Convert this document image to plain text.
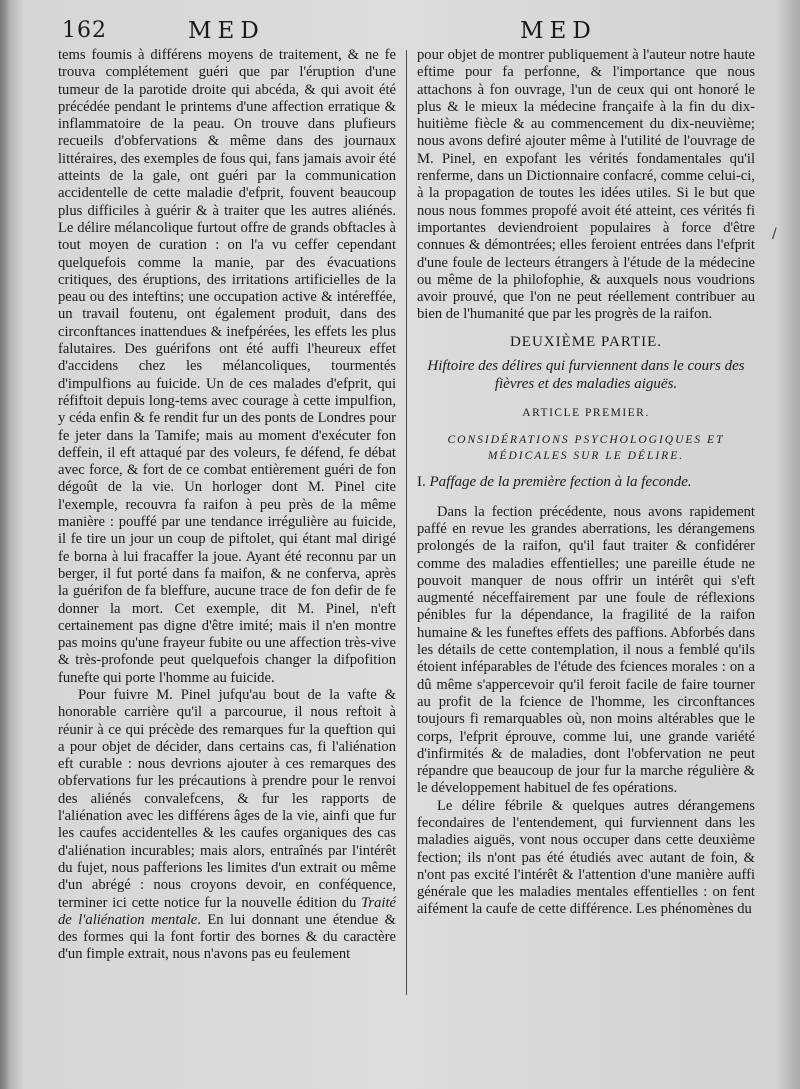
162	MED	MED
/

tems foumis à différens moyens de traitement, & ne fe trouva complétement guéri que par l'éruption d'une tumeur de la parotide droite qui abcéda, & qui avoit été précédée pendant le printems d'une affection erratique & inflammatoire de la peau. On trouve dans plufieurs recueils d'obfervations & même dans des journaux littéraires, des exemples de fous qui, fans jamais avoir été atteints de la gale, ont guéri par la communication accidentelle de cette maladie d'efprit, fouvent beaucoup plus difficiles à guérir & à traiter que les autres aliénés. Le délire mélancolique furtout offre de grands obftacles à tout moyen de curation : on l'a vu ceffer cependant quelquefois comme la manie, par des évacuations critiques, des éruptions, des irritations artificielles de la peau ou des inteftins; une occupation active & intéreffée, un travail foutenu, ont également produit, dans des circonftances inattendues & inefpérées, les effets les plus falutaires. Des guérifons ont été auffi l'heureux effet d'accidens chez les mélancoliques, tourmentés d'impulfions au fuicide. Un de ces malades d'efprit, qui réfiftoit depuis long-tems avec courage à cette impulfion, y céda enfin & fe rendit fur un des ponts de Londres pour fe jeter dans la Tamife; mais au moment d'exécuter fon deffein, il eft attaqué par des voleurs, fe défend, fe débat avec force, & fort de ce combat entièrement guéri de fon dégoût de la vie. Un horloger dont M. Pinel cite l'exemple, recouvra fa raifon à peu près de la même manière : pouffé par une tendance irrégulière au fuicide, il fe tire un jour un coup de piftolet, qui étant mal dirigé fe borna à lui fracaffer la joue. Ayant été reconnu par un berger, il fut porté dans fa maifon, & ne conferva, après la guérifon de fa bleffure, aucune trace de fon defir de fe donner la mort. Cet exemple, dit M. Pinel, n'eft certainement pas digne d'être imité; mais il n'en montre pas moins qu'une frayeur fubite ou une affection très-vive & très-profonde peut quelquefois changer la difpofition funefte qui porte l'homme au fuicide.

Pour fuivre M. Pinel jufqu'au bout de la vafte & honorable carrière qu'il a parcourue, il nous reftoit à réunir à ce qui précède des remarques fur la queftion qui a pour objet de décider, dans certains cas, fi l'aliénation eft curable : nous devrions ajouter à ces remarques des obfervations fur les précautions à prendre pour le renvoi des aliénés convalefcens, & fur les rapports de l'aliénation avec les différens âges de la vie, ainfi que fur les caufes accidentelles & les caufes organiques des cas d'aliénation incurables; mais alors, entraînés par l'intérêt du fujet, nous pafferions les limites d'un extrait ou même d'un abrégé : nous croyons devoir, en conféquence, terminer ici cette notice fur la nouvelle édition du Traité de l'aliénation mentale. En lui donnant une étendue & des formes qui la font fortir des bornes & du caractère d'un fimple extrait, nous n'avons pas eu feulement

pour objet de montrer publiquement à l'auteur notre haute eftime pour fa perfonne, & l'importance que nous attachons à fon ouvrage, l'un de ceux qui ont honoré le plus & le mieux la médecine françaife à la fin du dix-huitième fiècle & au commencement du dix-neuvième; nous avons defiré ajouter même à l'utilité de l'ouvrage de M. Pinel, en expofant les vérités fondamentales qu'il renferme, dans un Dictionnaire confacré, comme celui-ci, à la propagation de toutes les idées utiles. Si le but que nous nous fommes propofé avoit été atteint, ces vérités fi importantes deviendroient populaires à force d'être connues & démontrées; elles feroient entrées dans l'efprit d'une foule de lecteurs étrangers à l'étude de la médecine ou même de la philofophie, & auxquels nous voudrions avoir prouvé, que l'on ne peut réellement contribuer au bien de l'humanité que par les progrès de la raifon.

DEUXIÈME PARTIE.
Hiftoire des délires qui furviennent dans le cours des fièvres et des maladies aiguës.
ARTICLE PREMIER.
CONSIDÉRATIONS PSYCHOLOGIQUES ET MÉDICALES SUR LE DÉLIRE.
I. Paffage de la première fection à la feconde.

Dans la fection précédente, nous avons rapidement paffé en revue les grandes aberrations, les dérangemens prolongés de la raifon, qu'il faut traiter & confidérer comme des maladies effentielles; une pareille étude ne pouvoit manquer de nous offrir un intérêt qui s'eft augmenté néceffairement par une foule de réflexions pénibles fur la dépendance, la fragilité de la raifon humaine & les funeftes effets des paffions. Abforbés dans les détails de cette contemplation, il nous a femblé qu'ils étoient inféparables de l'étude des fciences morales : on a dû même s'appercevoir qu'il feroit facile de faire tourner au profit de la fcience de l'homme, les circonftances toujours fi remarquables où, non moins altérables que le corps, l'efprit éprouve, comme lui, une grande variété d'infirmités & de maladies, dont l'obfervation ne peut répandre que beaucoup de jour fur la marche régulière & le développement habituel de fes opérations.

Le délire fébrile & quelques autres dérangemens fecondaires de l'entendement, qui furviennent dans les maladies aiguës, vont nous occuper dans cette deuxième fection; ils n'ont pas été étudiés avec autant de foin, & n'ont pas excité l'intérêt & l'attention d'une manière auffi générale que les maladies mentales effentielles : on fent aifément la caufe de cette différence. Les phénomènes du
